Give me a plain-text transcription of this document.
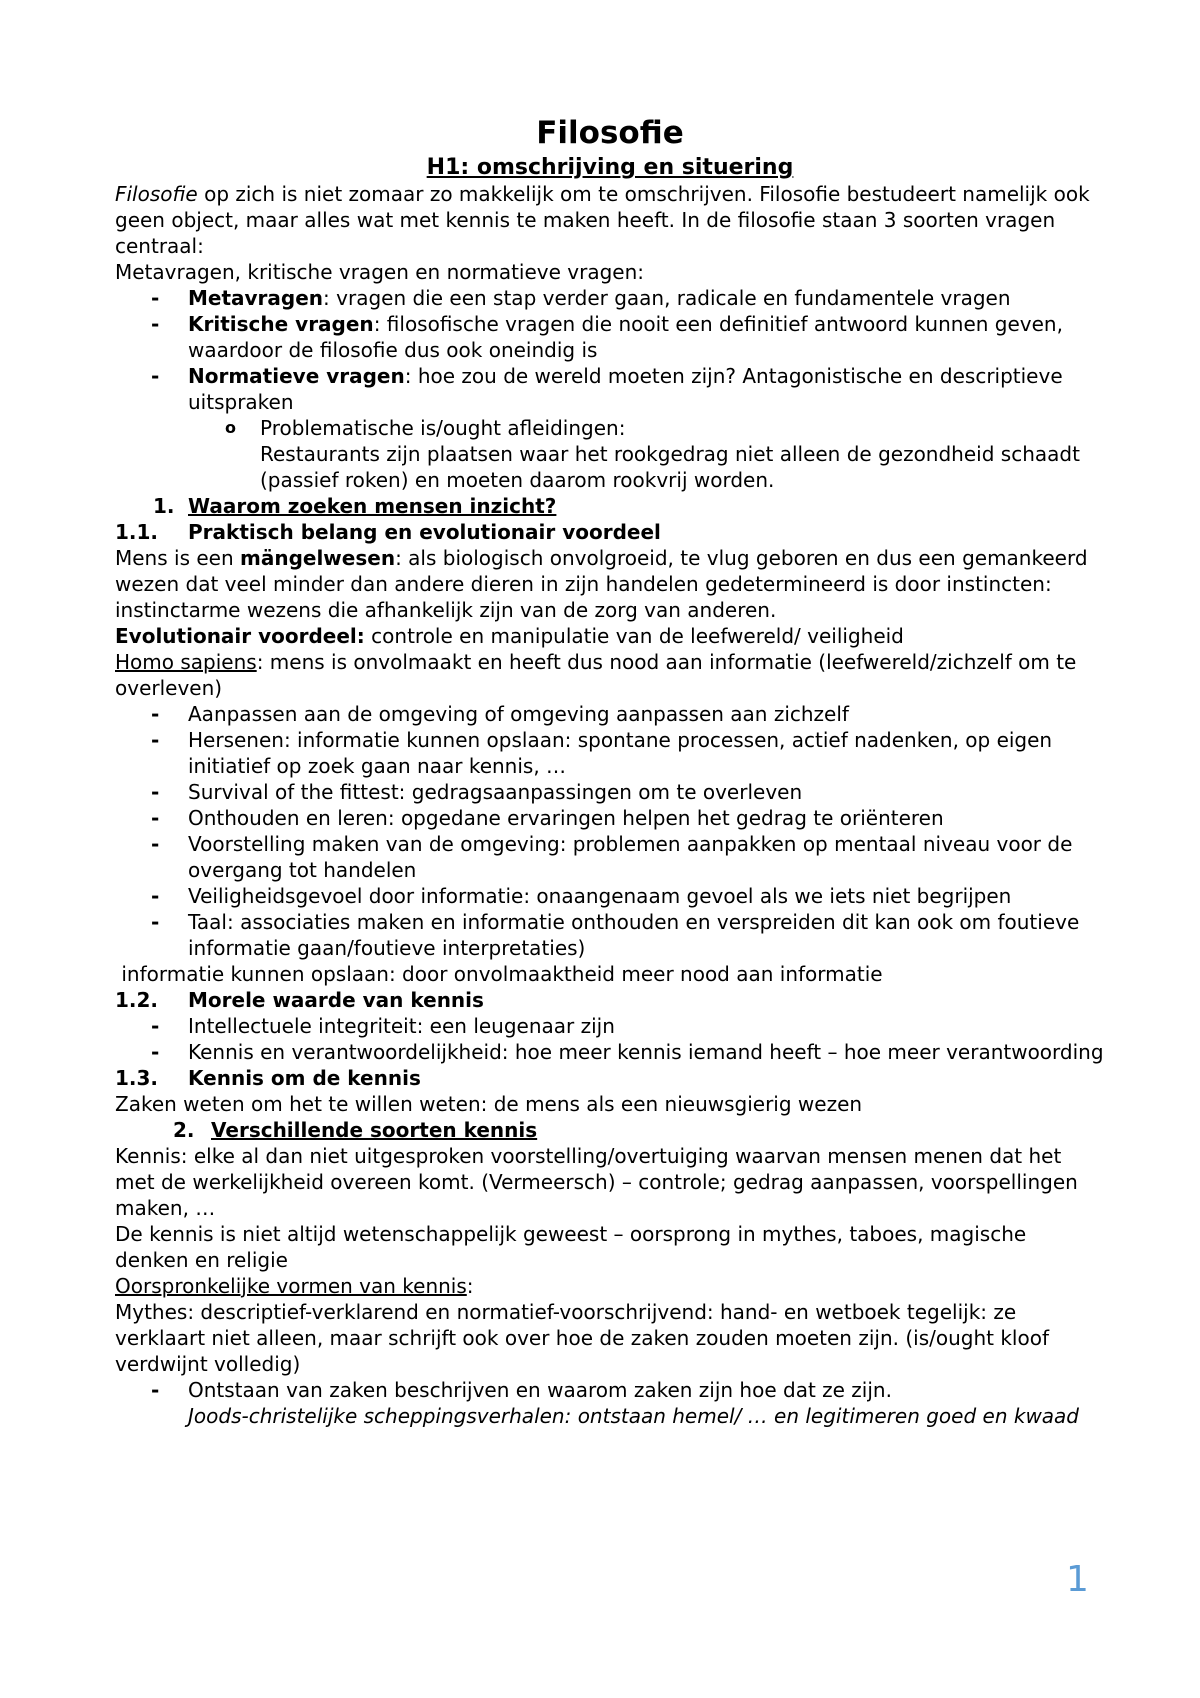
Filosofie
H1: omschrijving en situering

Filosofie op zich is niet zomaar zo makkelijk om te omschrijven. Filosofie bestudeert namelijk ook geen object, maar alles wat met kennis te maken heeft. In de filosofie staan 3 soorten vragen centraal:

Metavragen, kritische vragen en normatieve vragen:

- Metavragen: vragen die een stap verder gaan, radicale en fundamentele vragen
- Kritische vragen: filosofische vragen die nooit een definitief antwoord kunnen geven, waardoor de filosofie dus ook oneindig is
- Normatieve vragen: hoe zou de wereld moeten zijn? Antagonistische en descriptieve uitspraken
o Problematische is/ought afleidingen:
Restaurants zijn plaatsen waar het rookgedrag niet alleen de gezondheid schaadt (passief roken) en moeten daarom rookvrij worden.
1. Waarom zoeken mensen inzicht?
1.1. Praktisch belang en evolutionair voordeel

Mens is een mängelwesen: als biologisch onvolgroeid, te vlug geboren en dus een gemankeerd wezen dat veel minder dan andere dieren in zijn handelen gedetermineerd is door instincten: instinctarme wezens die afhankelijk zijn van de zorg van anderen.

Evolutionair voordeel: controle en manipulatie van de leefwereld/ veiligheid

Homo sapiens: mens is onvolmaakt en heeft dus nood aan informatie (leefwereld/zichzelf om te overleven)

- Aanpassen aan de omgeving of omgeving aanpassen aan zichzelf
- Hersenen: informatie kunnen opslaan: spontane processen, actief nadenken, op eigen initiatief op zoek gaan naar kennis, …
- Survival of the fittest: gedragsaanpassingen om te overleven
- Onthouden en leren: opgedane ervaringen helpen het gedrag te oriënteren
- Voorstelling maken van de omgeving: problemen aanpakken op mentaal niveau voor de overgang tot handelen
- Veiligheidsgevoel door informatie: onaangenaam gevoel als we iets niet begrijpen
- Taal: associaties maken en informatie onthouden en verspreiden dit kan ook om foutieve informatie gaan/foutieve interpretaties)

informatie kunnen opslaan: door onvolmaaktheid meer nood aan informatie

1.2. Morele waarde van kennis
- Intellectuele integriteit: een leugenaar zijn
- Kennis en verantwoordelijkheid: hoe meer kennis iemand heeft – hoe meer verantwoording
1.3. Kennis om de kennis

Zaken weten om het te willen weten: de mens als een nieuwsgierig wezen

2. Verschillende soorten kennis

Kennis: elke al dan niet uitgesproken voorstelling/overtuiging waarvan mensen menen dat het met de werkelijkheid overeen komt. (Vermeersch) – controle; gedrag aanpassen, voorspellingen maken, …

De kennis is niet altijd wetenschappelijk geweest – oorsprong in mythes, taboes, magische denken en religie

Oorspronkelijke vormen van kennis:

Mythes: descriptief-verklarend en normatief-voorschrijvend: hand- en wetboek tegelijk: ze verklaart niet alleen, maar schrijft ook over hoe de zaken zouden moeten zijn. (is/ought kloof verdwijnt volledig)

- Ontstaan van zaken beschrijven en waarom zaken zijn hoe dat ze zijn.
Joods-christelijke scheppingsverhalen: ontstaan hemel/ … en legitimeren goed en kwaad
1
